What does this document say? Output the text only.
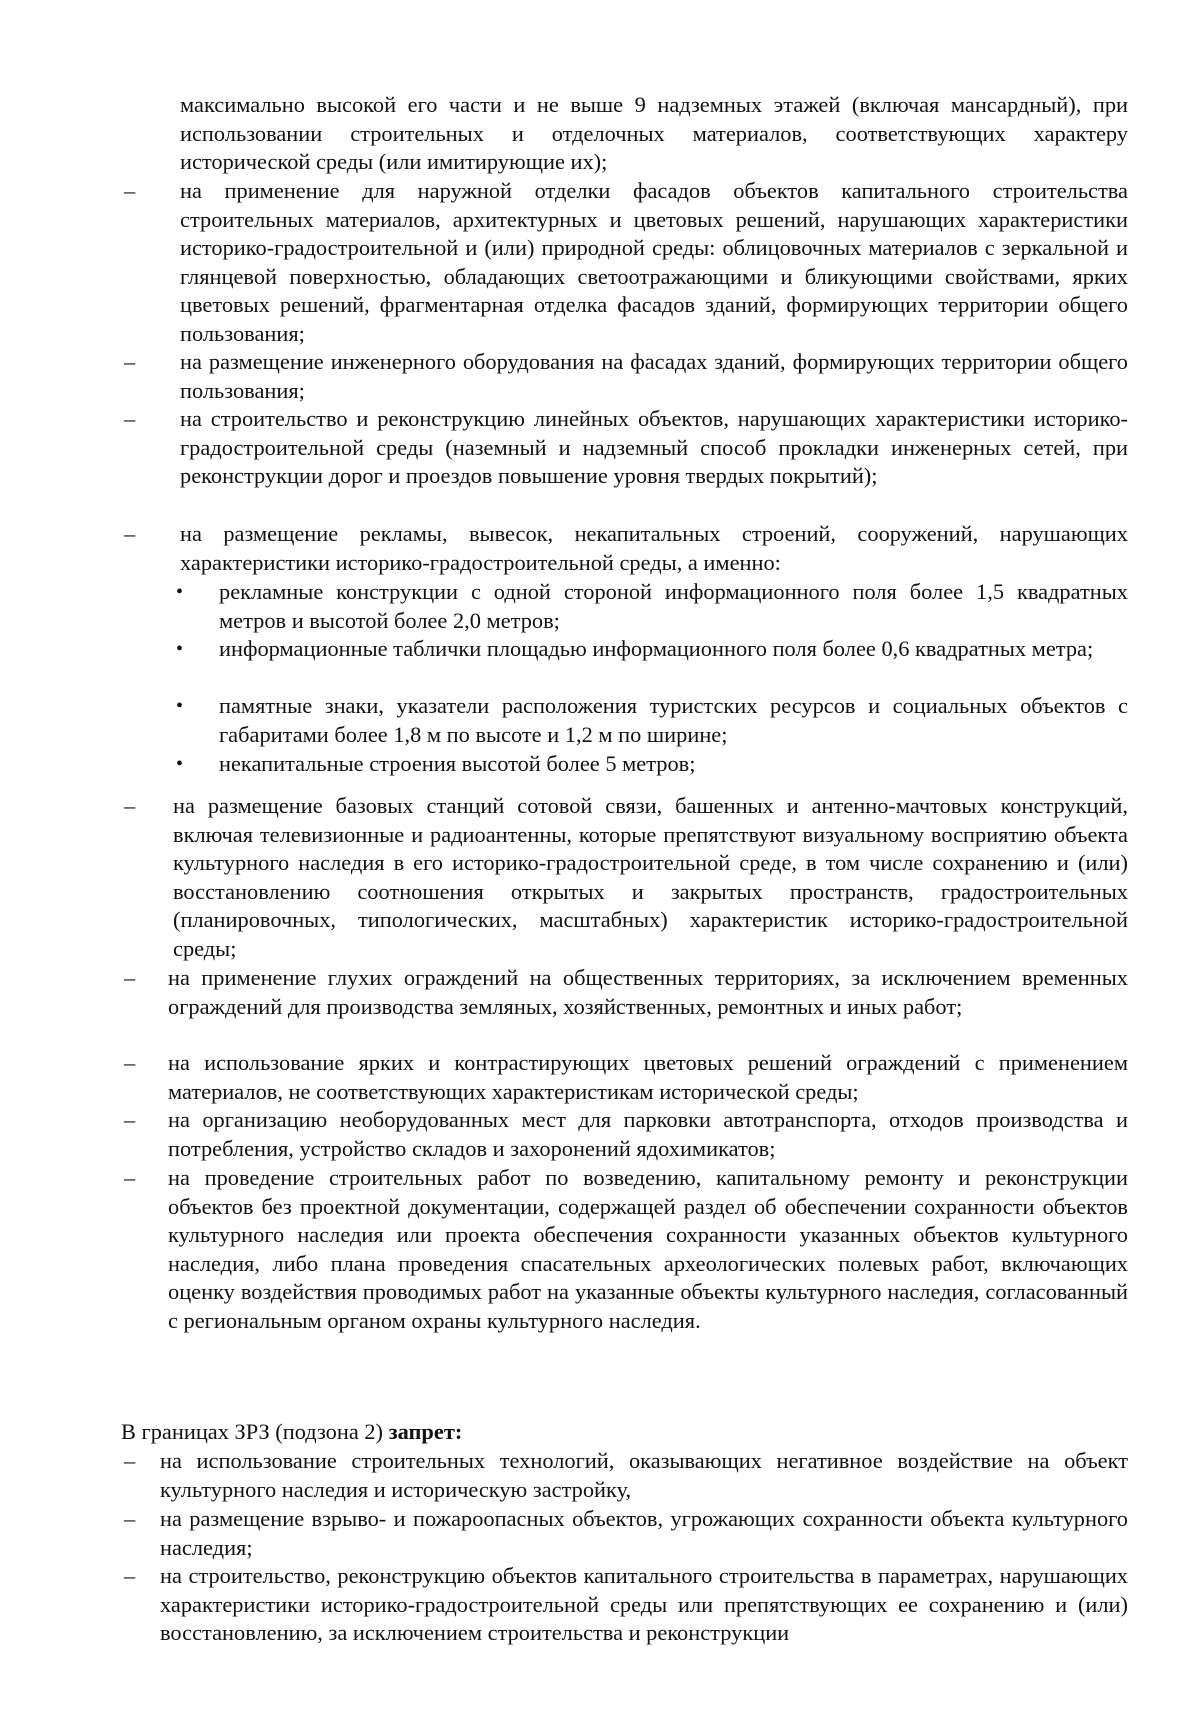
максимально высокой его части и не выше 9 надземных этажей (включая мансардный), при использовании строительных и отделочных материалов, соответствующих характеру исторической среды (или имитирующие их);
– на применение для наружной отделки фасадов объектов капитального строительства строительных материалов, архитектурных и цветовых решений, нарушающих характеристики историко-градостроительной и (или) природной среды: облицовочных материалов с зеркальной и глянцевой поверхностью, обладающих светоотражающими и бликующими свойствами, ярких цветовых решений, фрагментарная отделка фасадов зданий, формирующих территории общего пользования;
– на размещение инженерного оборудования на фасадах зданий, формирующих территории общего пользования;
– на строительство и реконструкцию линейных объектов, нарушающих характеристики историко-градостроительной среды (наземный и надземный способ прокладки инженерных сетей, при реконструкции дорог и проездов повышение уровня твердых покрытий);
– на размещение рекламы, вывесок, некапитальных строений, сооружений, нарушающих характеристики историко-градостроительной среды, а именно:
• рекламные конструкции с одной стороной информационного поля более 1,5 квадратных метров и высотой более 2,0 метров;
• информационные таблички площадью информационного поля более 0,6 квадратных метра;
• памятные знаки, указатели расположения туристских ресурсов и социальных объектов с габаритами более 1,8 м по высоте и 1,2 м по ширине;
• некапитальные строения высотой более 5 метров;
– на размещение базовых станций сотовой связи, башенных и антенно-мачтовых конструкций, включая телевизионные и радиоантенны, которые препятствуют визуальному восприятию объекта культурного наследия в его историко-градостроительной среде, в том числе сохранению и (или) восстановлению соотношения открытых и закрытых пространств, градостроительных (планировочных, типологических, масштабных) характеристик историко-градостроительной среды;
– на применение глухих ограждений на общественных территориях, за исключением временных ограждений для производства земляных, хозяйственных, ремонтных и иных работ;
– на использование ярких и контрастирующих цветовых решений ограждений с применением материалов, не соответствующих характеристикам исторической среды;
– на организацию необорудованных мест для парковки автотранспорта, отходов производства и потребления, устройство складов и захоронений ядохимикатов;
– на проведение строительных работ по возведению, капитальному ремонту и реконструкции объектов без проектной документации, содержащей раздел об обеспечении сохранности объектов культурного наследия или проекта обеспечения сохранности указанных объектов культурного наследия, либо плана проведения спасательных археологических полевых работ, включающих оценку воздействия проводимых работ на указанные объекты культурного наследия, согласованный с региональным органом охраны культурного наследия.
В границах ЗРЗ (подзона 2) запрет:
– на использование строительных технологий, оказывающих негативное воздействие на объект культурного наследия и историческую застройку,
– на размещение взрыво- и пожароопасных объектов, угрожающих сохранности объекта культурного наследия;
– на строительство, реконструкцию объектов капитального строительства в параметрах, нарушающих характеристики историко-градостроительной среды или препятствующих ее сохранению и (или) восстановлению, за исключением строительства и реконструкции
